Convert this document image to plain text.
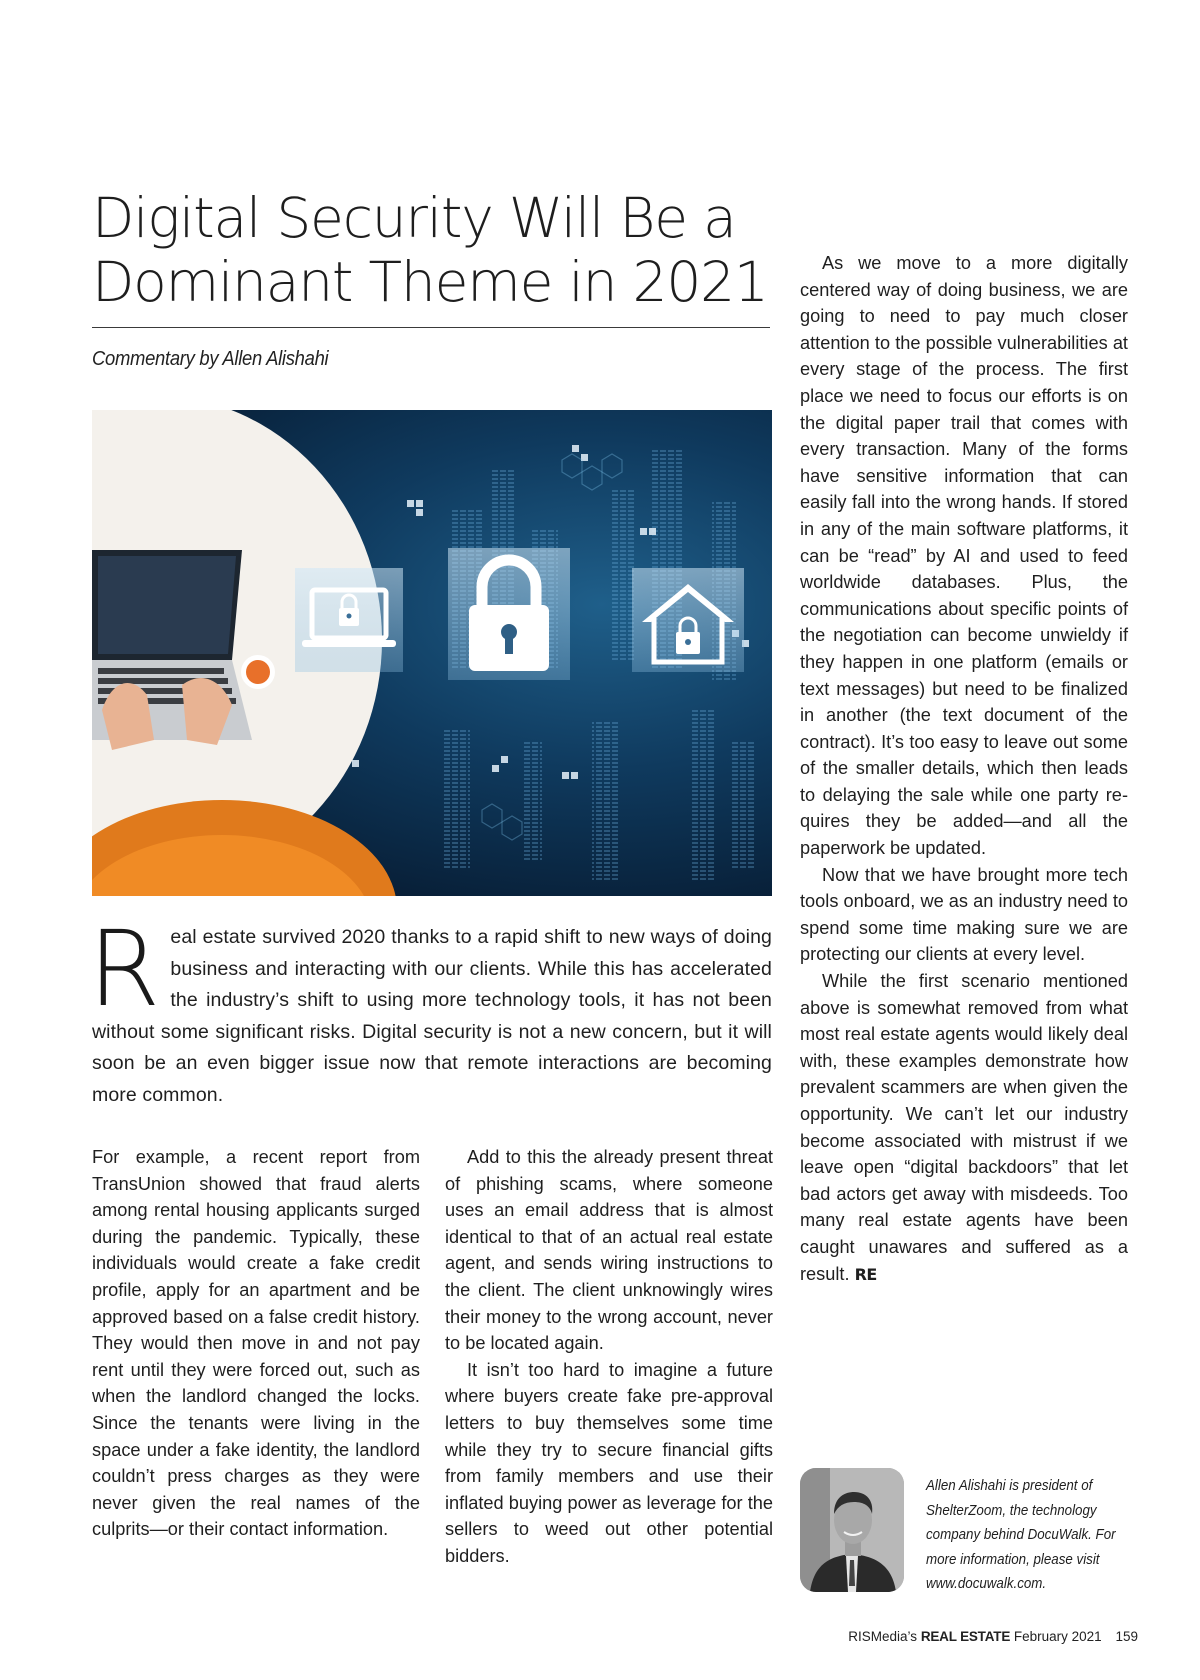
Digital Security Will Be a
Dominant Theme in 2021
Commentary by Allen Alishahi
Real estate survived 2020 thanks to a rapid shift to new ways of doing business and interacting with our clients. While this has accelerated the industry’s shift to using more technology tools, it has not been without some significant risks. Digital security is not a new concern, but it will soon be an even bigger issue now that remote interactions are becoming more common.

For example, a recent report from TransUnion showed that fraud alerts among rental housing applicants surged during the pandemic. Typically, these individuals would create a fake credit profile, apply for an apartment and be approved based on a false credit history. They would then move in and not pay rent until they were forced out, such as when the landlord changed the locks. Since the tenants were living in the space under a fake identity, the landlord couldn’t press charges as they were never given the real names of the culprits—or their contact information.

Add to this the already present threat of phishing scams, where someone uses an email address that is almost identical to that of an actual real estate agent, and sends wiring instructions to the client. The client unknowingly wires their money to the wrong account, never to be located again.

It isn’t too hard to imagine a future where buyers create fake pre-approval letters to buy themselves some time while they try to secure financial gifts from family members and use their inflated buying power as leverage for the sellers to weed out other potential bidders.

As we move to a more digitally centered way of doing business, we are going to need to pay much closer attention to the possible vulnerabilities at every stage of the process. The first place we need to focus our efforts is on the digital paper trail that comes with every transaction. Many of the forms have sensitive information that can easily fall into the wrong hands. If stored in any of the main software platforms, it can be “read” by AI and used to feed worldwide databases. Plus, the communications about specific points of the negotiation can become unwieldy if they happen in one platform (emails or text messages) but need to be finalized in another (the text document of the contract). It’s too easy to leave out some of the smaller details, which then leads to delaying the sale while one party requires they be added—and all the paperwork be updated.

Now that we have brought more tech tools onboard, we as an industry need to spend some time making sure we are protecting our clients at every level.

While the first scenario mentioned above is somewhat removed from what most real estate agents would likely deal with, these examples demonstrate how prevalent scammers are when given the opportunity. We can’t let our industry become associated with mistrust if we leave open “digital backdoors” that let bad actors get away with misdeeds. Too many real estate agents have been caught unawares and suffered as a result. RE

Allen Alishahi is president of ShelterZoom, the technology company behind DocuWalk. For more information, please visit www.docuwalk.com.
RISMedia’s REAL ESTATE February 2021 159
